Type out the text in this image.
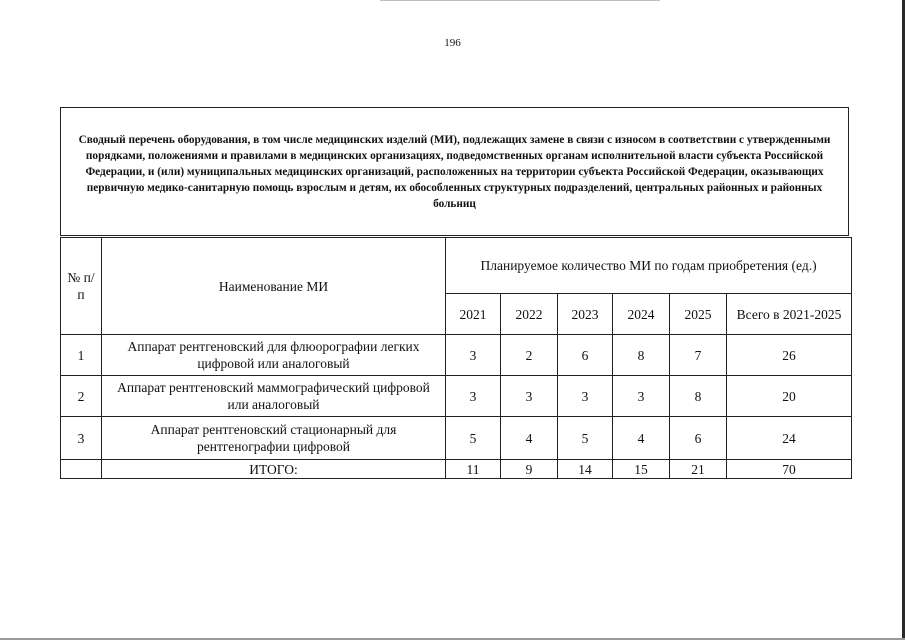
196
Сводный перечень оборудования, в том числе медицинских изделий (МИ), подлежащих замене в связи с износом в соответствии с утвержденными порядками, положениями и правилами в медицинских организациях, подведомственных органам исполнительной власти субъекта Российской Федерации, и (или) муниципальных медицинских организаций, расположенных на территории субъекта Российской Федерации, оказывающих первичную медико-санитарную помощь взрослым и детям, их обособленных структурных подразделений, центральных районных и районных больниц
№ п/п	Наименование МИ	Планируемое количество МИ по годам приобретения (ед.)					
		2021	2022	2023	2024	2025	Всего в 2021-2025
1	Аппарат рентгеновский для флюорографии легких цифровой или аналоговый	3	2	6	8	7	26
2	Аппарат рентгеновский маммографический цифровой или аналоговый	3	3	3	3	8	20
3	Аппарат рентгеновский стационарный для рентгенографии цифровой	5	4	5	4	6	24
	ИТОГО:	11	9	14	15	21	70
